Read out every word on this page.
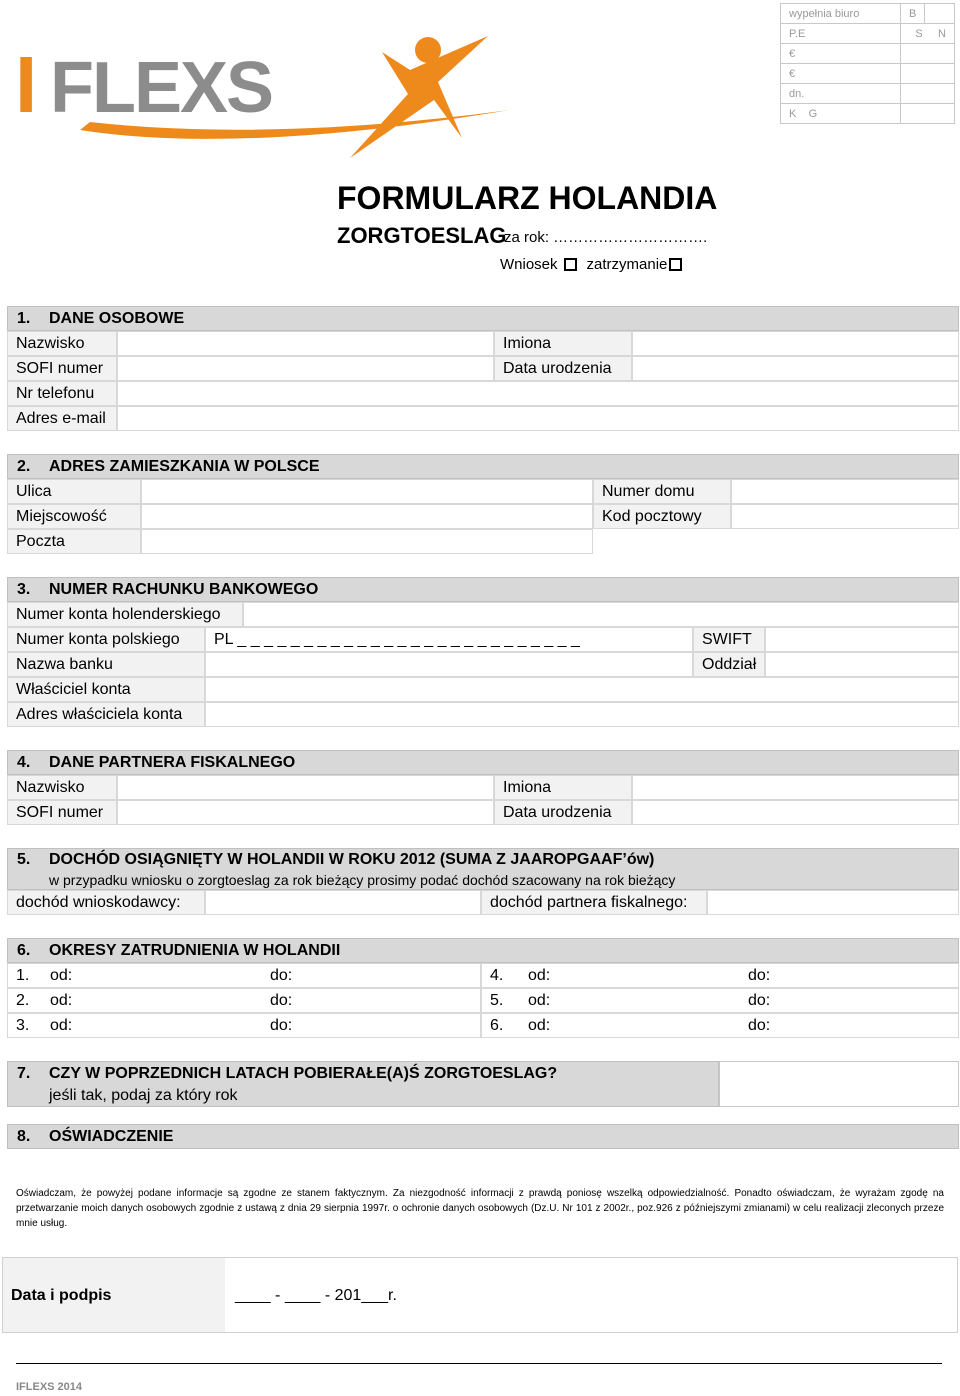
wypełnia biuro	B	
P.E	S N	
€		
€		
dn.		
K G		
I FLEXS
FORMULARZ HOLANDIA
ZORGTOESLAG
za rok: ………………………….
Wniosek zatrzymanie
1. DANE OSOBOWE
Nazwisko	Imiona
SOFI numer	Data urodzenia
Nr telefonu
Adres e-mail
2. ADRES ZAMIESZKANIA W POLSCE
Ulica	Numer domu
Miejscowość	Kod pocztowy
Poczta
3. NUMER RACHUNKU BANKOWEGO
Numer konta holenderskiego
Numer konta polskiego	PL _ _ _ _ _ _ _ _ _ _ _ _ _ _ _ _ _ _ _ _ _ _ _ _ _ _	SWIFT
Nazwa banku	Oddział
Właściciel konta
Adres właściciela konta
4. DANE PARTNERA FISKALNEGO
Nazwisko	Imiona
SOFI numer	Data urodzenia
5. DOCHÓD OSIĄGNIĘTY W HOLANDII W ROKU 2012 (SUMA Z JAAROPGAAF’ów)
w przypadku wniosku o zorgtoeslag za rok bieżący prosimy podać dochód szacowany na rok bieżący
dochód wnioskodawcy:	dochód partnera fiskalnego:
6. OKRESY ZATRUDNIENIA W HOLANDII
1. od:	do:	4. od:	do:
2. od:	do:	5. od:	do:
3. od:	do:	6. od:	do:
7. CZY W POPRZEDNICH LATACH POBIERAŁE(A)Ś ZORGTOESLAG?
jeśli tak, podaj za który rok
8. OŚWIADCZENIE
Oświadczam, że powyżej podane informacje są zgodne ze stanem faktycznym. Za niezgodność informacji z prawdą poniosę wszelką odpowiedzialność. Ponadto oświadczam, że wyrażam zgodę na przetwarzanie moich danych osobowych zgodnie z ustawą z dnia 29 sierpnia 1997r. o ochronie danych osobowych (Dz.U. Nr 101 z 2002r., poz.926 z późniejszymi zmianami) w celu realizacji zleconych przeze mnie usług.
Data i podpis	____ - ____ - 201___r.
IFLEXS 2014
